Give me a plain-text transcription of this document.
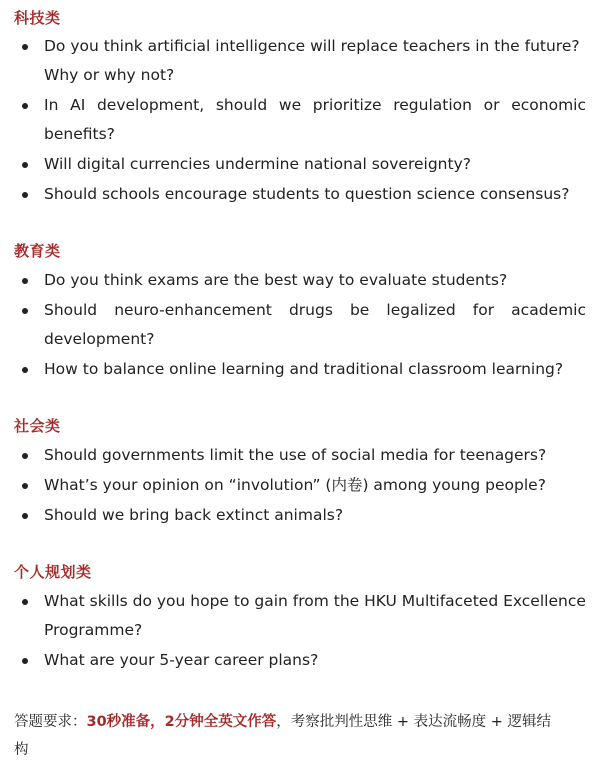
科技类
Do you think artificial intelligence will replace teachers in the future?
Why or why not?
In AI development, should we prioritize regulation or economic
benefits?
Will digital currencies undermine national sovereignty?
Should schools encourage students to question science consensus?
教育类
Do you think exams are the best way to evaluate students?
Should neuro-enhancement drugs be legalized for academic
development?
How to balance online learning and traditional classroom learning?
社会类
Should governments limit the use of social media for teenagers?
What’s your opinion on “involution” (内卷) among young people?
Should we bring back extinct animals?
个人规划类
What skills do you hope to gain from the HKU Multifaceted Excellence
Programme?
What are your 5-year career plans?
答题要求：30秒准备，2分钟全英文作答，考察批判性思维 + 表达流畅度 + 逻辑结
构
